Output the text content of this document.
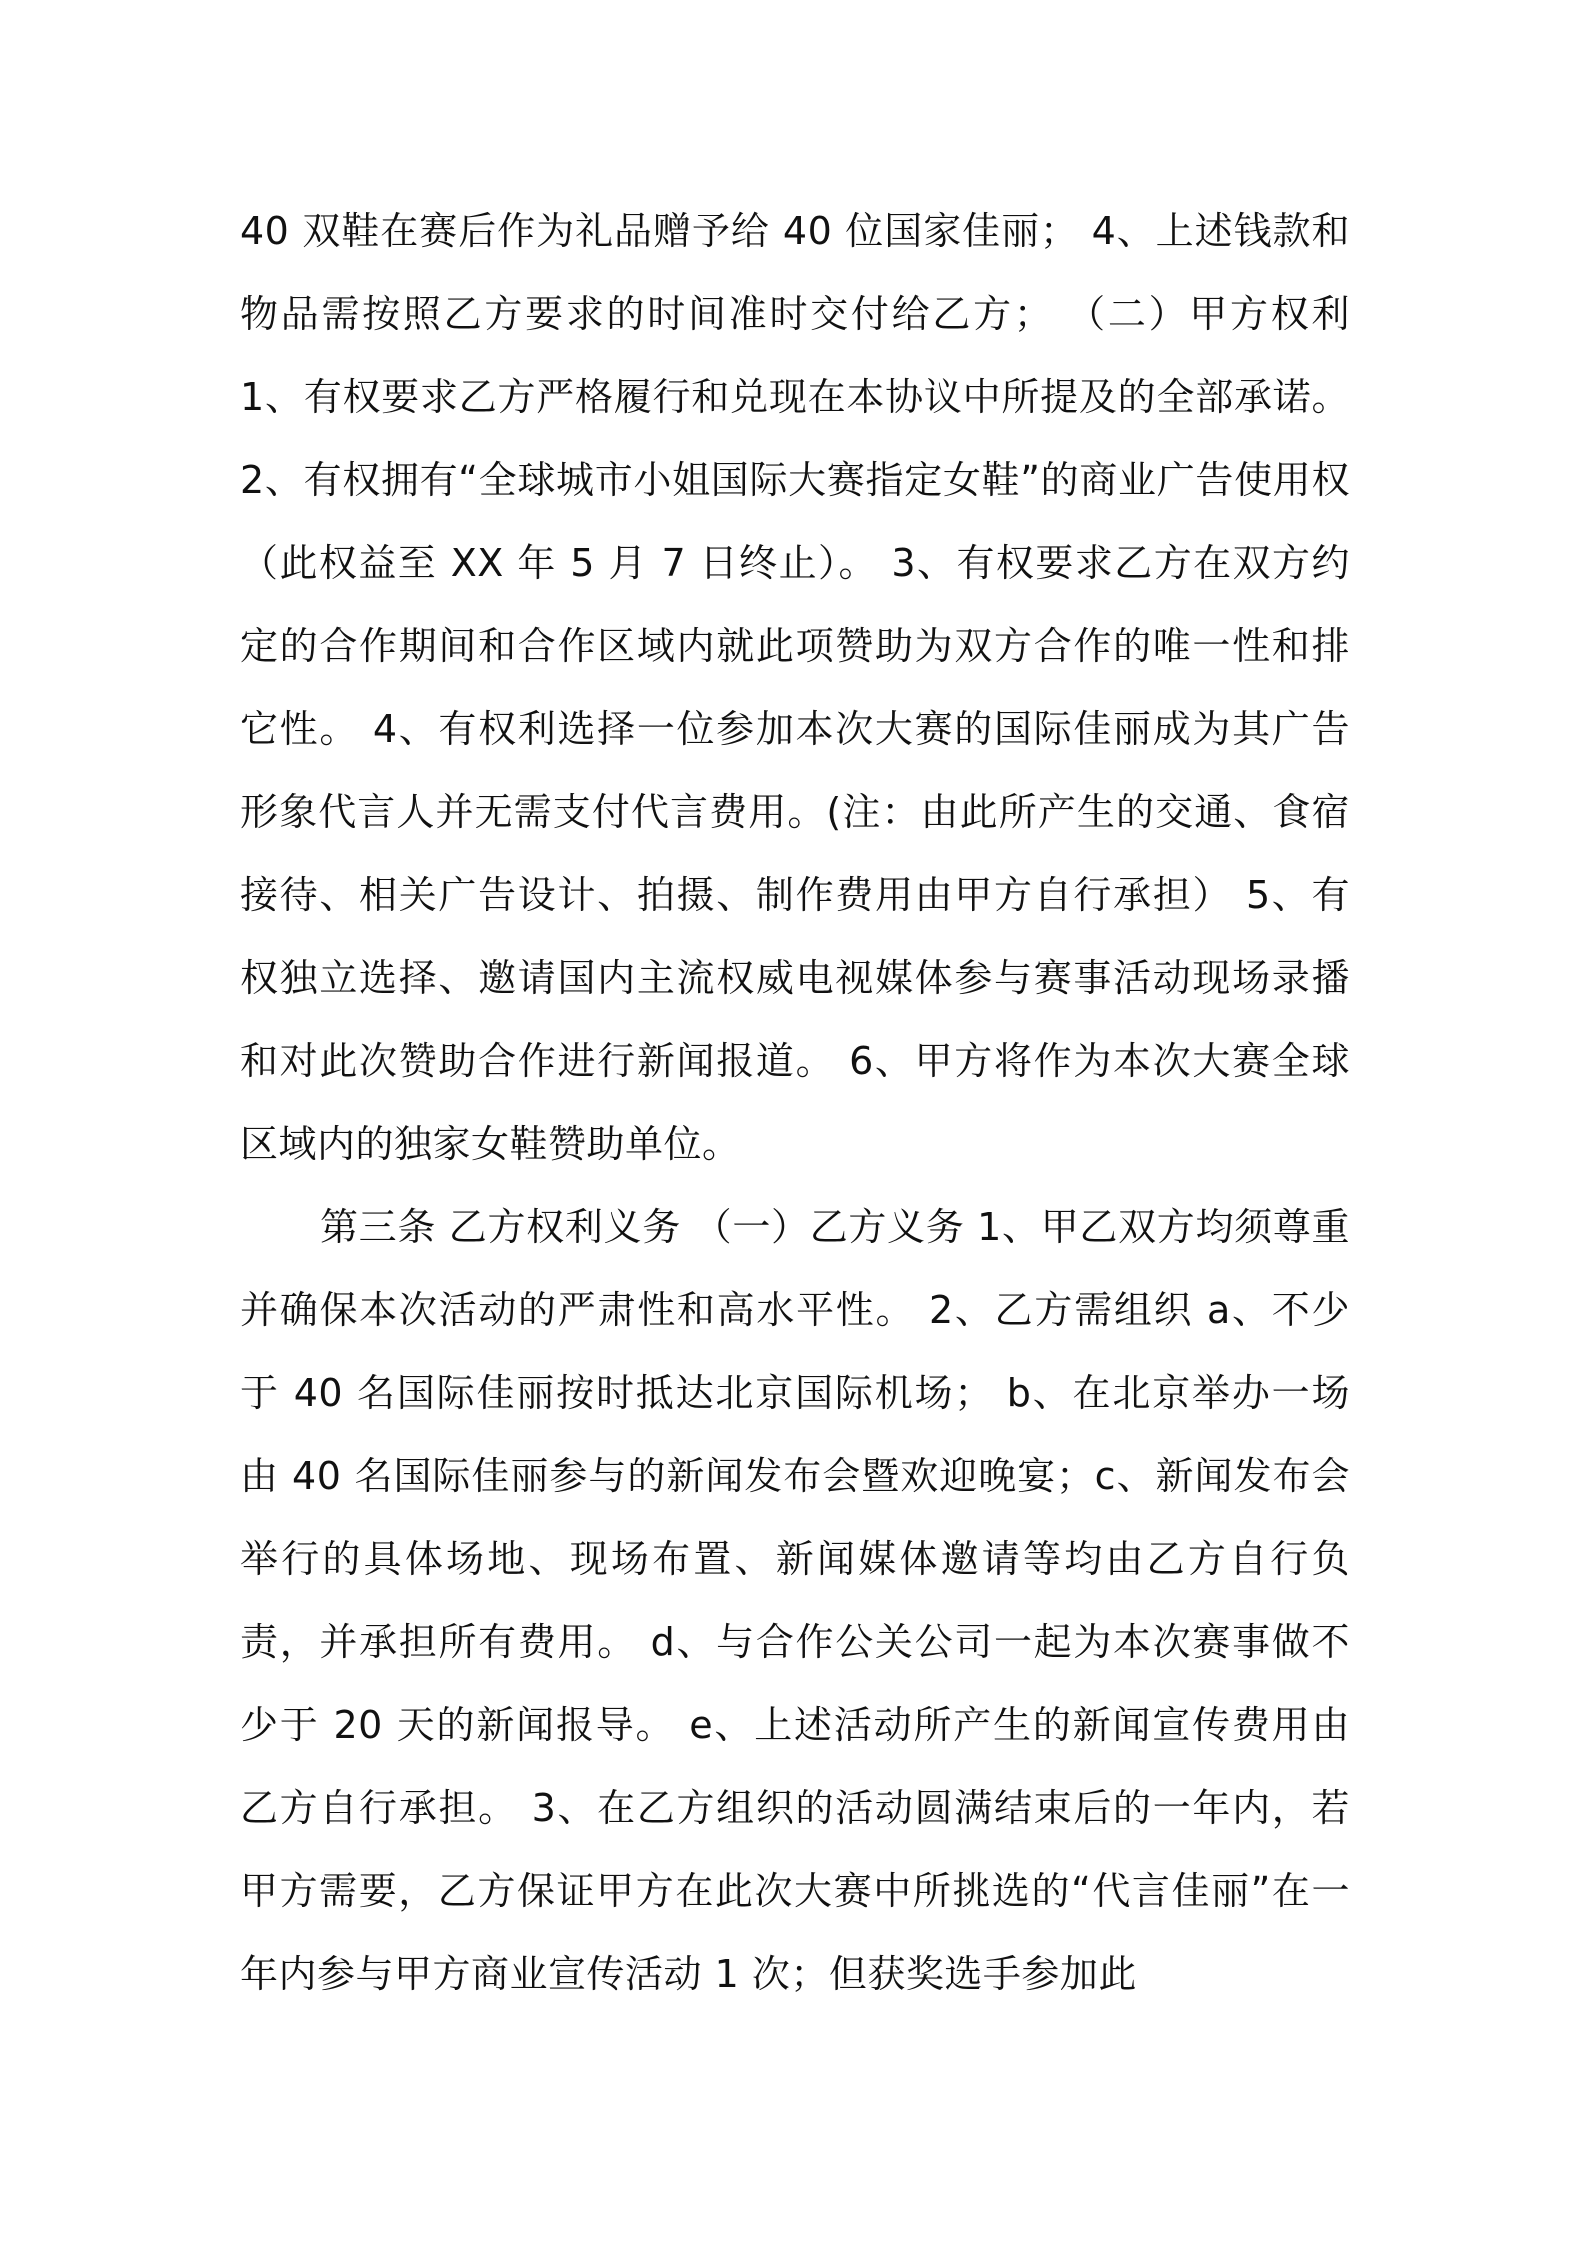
40 双鞋在赛后作为礼品赠予给 40 位国家佳丽； 4、上述钱款和物品需按照乙方要求的时间准时交付给乙方； （二）甲方权利 1、有权要求乙方严格履行和兑现在本协议中所提及的全部承诺。 2、有权拥有“全球城市小姐国际大赛指定女鞋”的商业广告使用权（此权益至 XX 年 5 月 7 日终止）。 3、有权要求乙方在双方约定的合作期间和合作区域内就此项赞助为双方合作的唯一性和排它性。 4、有权利选择一位参加本次大赛的国际佳丽成为其广告形象代言人并无需支付代言费用。(注：由此所产生的交通、食宿接待、相关广告设计、拍摄、制作费用由甲方自行承担） 5、有权独立选择、邀请国内主流权威电视媒体参与赛事活动现场录播和对此次赞助合作进行新闻报道。 6、甲方将作为本次大赛全球区域内的独家女鞋赞助单位。

第三条 乙方权利义务 （一）乙方义务 1、甲乙双方均须尊重并确保本次活动的严肃性和高水平性。 2、乙方需组织 a、不少于 40 名国际佳丽按时抵达北京国际机场； b、在北京举办一场由 40 名国际佳丽参与的新闻发布会暨欢迎晚宴；c、新闻发布会举行的具体场地、现场布置、新闻媒体邀请等均由乙方自行负责，并承担所有费用。 d、与合作公关公司一起为本次赛事做不少于 20 天的新闻报导。 e、上述活动所产生的新闻宣传费用由乙方自行承担。 3、在乙方组织的活动圆满结束后的一年内，若甲方需要，乙方保证甲方在此次大赛中所挑选的“代言佳丽”在一年内参与甲方商业宣传活动 1 次；但获奖选手参加此
